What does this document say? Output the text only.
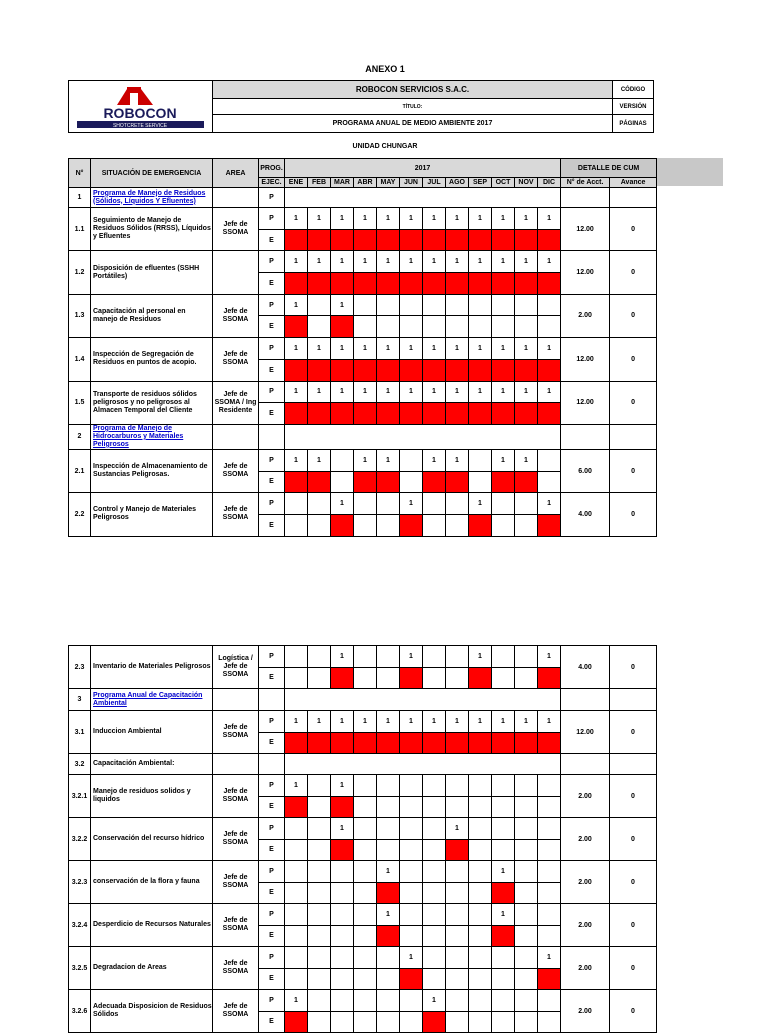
ANEXO 1
ROBOCON
SHOTCRETE SERVICE
ROBOCON SERVICIOS S.A.C.
TÍTULO:
PROGRAMA ANUAL DE MEDIO AMBIENTE 2017
CÓDIGO
VERSIÓN
PÁGINAS
UNIDAD CHUNGAR
N°	SITUACIÓN DE EMERGENCIA	AREA	PROG.	2017												DETALLE DE CUM	
			EJEC.	ENE	FEB	MAR	ABR	MAY	JUN	JUL	AGO	SEP	OCT	NOV	DIC	N° de Acct.	Avance
1	Programa de Manejo de Residuos (Sólidos, Líquidos Y Efluentes)		P														
1.1	Seguimiento de Manejo de Residuos Sólidos (RRSS), Líquidos y Efluentes	Jefe de SSOMA	P	1	1	1	1	1	1	1	1	1	1	1	1	12.00	0
			E														
1.2	Disposición de efluentes (SSHH Portátiles)		P	1	1	1	1	1	1	1	1	1	1	1	1	12.00	0
			E														
1.3	Capacitación al personal en manejo de Residuos	Jefe de SSOMA	P	1		1										2.00	0
			E														
1.4	Inspección de Segregación de Residuos en puntos de acopio.	Jefe de SSOMA	P	1	1	1	1	1	1	1	1	1	1	1	1	12.00	0
			E														
1.5	Transporte de residuos sólidos peligrosos y no peligrosos al Almacen Temporal del Cliente	Jefe de SSOMA / Ing Residente	P	1	1	1	1	1	1	1	1	1	1	1	1	12.00	0
			E														
2	Programa de Manejo de Hidrocarburos y Materiales Peligrosos																
2.1	Inspección de Almacenamiento de Sustancias Peligrosas.	Jefe de SSOMA	P	1	1		1	1		1	1		1	1		6.00	0
			E														
2.2	Control y Manejo de Materiales Peligrosos	Jefe de SSOMA	P			1			1			1			1	4.00	0
			E														
2.3	Inventario de Materiales Peligrosos	Logística / Jefe de SSOMA	P			1			1			1			1	4.00	0
			E														
3	Programa Anual de Capacitación Ambiental																
3.1	Induccion Ambiental	Jefe de SSOMA	P	1	1	1	1	1	1	1	1	1	1	1	1	12.00	0
			E														
3.2	Capacitación Ambiental:																
3.2.1	Manejo de residuos solidos y liquidos	Jefe de SSOMA	P	1		1										2.00	0
			E														
3.2.2	Conservación del recurso hídrico	Jefe de SSOMA	P			1					1					2.00	0
			E														
3.2.3	conservación de la flora y fauna	Jefe de SSOMA	P					1					1			2.00	0
			E														
3.2.4	Desperdicio de Recursos Naturales	Jefe de SSOMA	P					1					1			2.00	0
			E														
3.2.5	Degradacion de Areas	Jefe de SSOMA	P						1						1	2.00	0
			E														
3.2.6	Adecuada Disposicion de Residuos Sólidos	Jefe de SSOMA	P	1						1						2.00	0
			E														
